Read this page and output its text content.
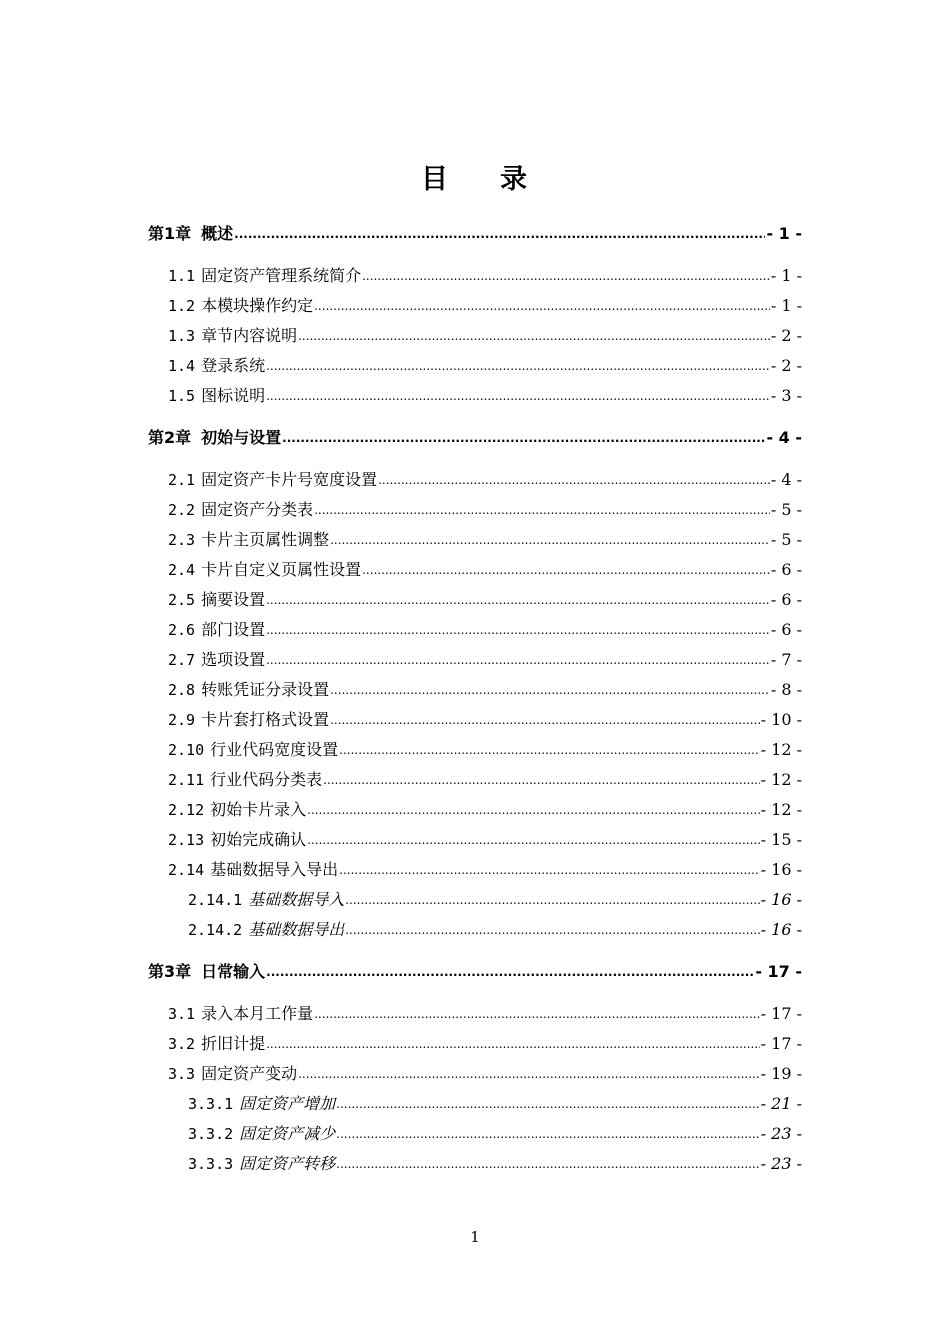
目 录
第1章 概述 .....	- 1 -
1.1 固定资产管理系统简介 .....	- 1 -
1.2 本模块操作约定 .....	- 1 -
1.3 章节内容说明 .....	- 2 -
1.4 登录系统 .....	- 2 -
1.5 图标说明 .....	- 3 -
第2章 初始与设置 .....	- 4 -
2.1 固定资产卡片号宽度设置 .....	- 4 -
2.2 固定资产分类表 .....	- 5 -
2.3 卡片主页属性调整 .....	- 5 -
2.4 卡片自定义页属性设置 .....	- 6 -
2.5 摘要设置 .....	- 6 -
2.6 部门设置 .....	- 6 -
2.7 选项设置 .....	- 7 -
2.8 转账凭证分录设置 .....	- 8 -
2.9 卡片套打格式设置 .....	- 10 -
2.10 行业代码宽度设置 .....	- 12 -
2.11 行业代码分类表 .....	- 12 -
2.12 初始卡片录入 .....	- 12 -
2.13 初始完成确认 .....	- 15 -
2.14 基础数据导入导出 .....	- 16 -
2.14.1 基础数据导入 .....	- 16 -
2.14.2 基础数据导出 .....	- 16 -
第3章 日常输入 .....	- 17 -
3.1 录入本月工作量 .....	- 17 -
3.2 折旧计提 .....	- 17 -
3.3 固定资产变动 .....	- 19 -
3.3.1 固定资产增加 .....	- 21 -
3.3.2 固定资产减少 .....	- 23 -
3.3.3 固定资产转移 .....	- 23 -
1
